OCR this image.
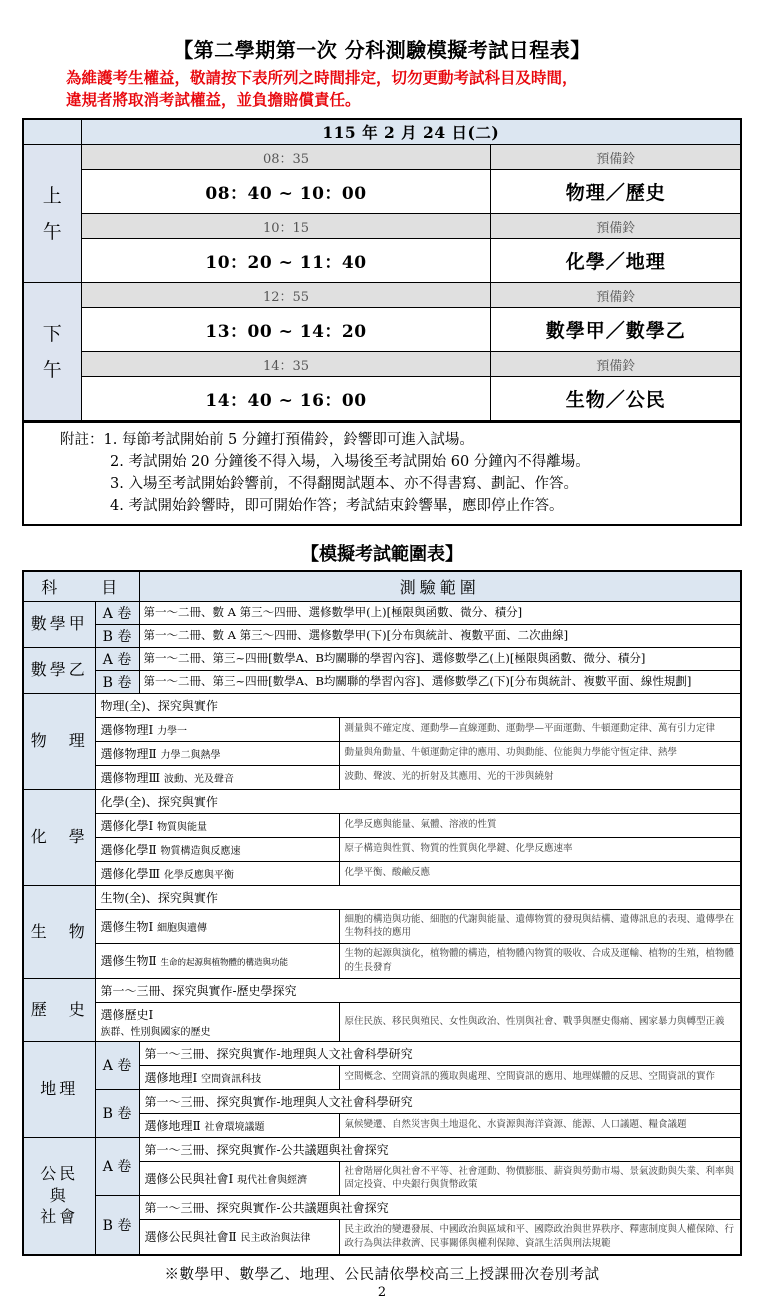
【第二學期第一次 分科測驗模擬考試日程表】
為維護考生權益，敬請按下表所列之時間排定，切勿更動考試科目及時間，
違規者將取消考試權益，並負擔賠償責任。
	115 年 2 月 24 日(二)	
上
午	08：35	預備鈴
	08：40 ~ 10：00	物理／歷史
	10：15	預備鈴
	10：20 ~ 11：40	化學／地理
下
午	12：55	預備鈴
	13：00 ~ 14：20	數學甲／數學乙
	14：35	預備鈴
	14：40 ~ 16：00	生物／公民
附註：1. 每節考試開始前 5 分鐘打預備鈴，鈴響即可進入試場。
2. 考試開始 20 分鐘後不得入場，入場後至考試開始 60 分鐘內不得離場。
3. 入場至考試開始鈴響前，不得翻閱試題本、亦不得書寫、劃記、作答。
4. 考試開始鈴響時，即可開始作答；考試結束鈴響畢，應即停止作答。
【模擬考試範圍表】
科　　目		測驗範圍	
數學甲	A 卷	第一～二冊、數 A 第三～四冊、選修數學甲(上)[極限與函數、微分、積分]	
	B 卷	第一～二冊、數 A 第三～四冊、選修數學甲(下)[分布與統計、複數平面、二次曲線]	
數學乙	A 卷	第一～二冊、第三~四冊[數學A、B均關聯的學習內容]、選修數學乙(上)[極限與函數、微分、積分]	
	B 卷	第一～二冊、第三~四冊[數學A、B均關聯的學習內容]、選修數學乙(下)[分布與統計、複數平面、線性規劃]	
物　理	物理(全)、探究與實作		
	選修物理Ⅰ 力學一		測量與不確定度、運動學—直線運動、運動學—平面運動、牛頓運動定律、萬有引力定律
	選修物理Ⅱ 力學二與熱學		動量與角動量、牛頓運動定律的應用、功與動能、位能與力學能守恆定律、熱學
	選修物理Ⅲ 波動、光及聲音		波動、聲波、光的折射及其應用、光的干涉與繞射
化　學	化學(全)、探究與實作		
	選修化學Ⅰ 物質與能量		化學反應與能量、氣體、溶液的性質
	選修化學Ⅱ 物質構造與反應速		原子構造與性質、物質的性質與化學鍵、化學反應速率
	選修化學Ⅲ 化學反應與平衡		化學平衡、酸鹼反應
生　物	生物(全)、探究與實作		
	選修生物Ⅰ 細胞與遺傳		細胞的構造與功能、細胞的代謝與能量、遺傳物質的發現與結構、遺傳訊息的表現、遺傳學在生物科技的應用
	選修生物Ⅱ 生命的起源與植物體的構造與功能		生物的起源與演化，植物體的構造，植物體內物質的吸收、合成及運輸、植物的生殖，植物體的生長發育
歷　史	第一～三冊、探究與實作-歷史學探究		
	選修歷史Ⅰ
族群、性別與國家的歷史		原住民族、移民與殖民、女性與政治、性別與社會、戰爭與歷史傷痛、國家暴力與轉型正義
地理	A 卷	第一～三冊、探究與實作-地理與人文社會科學研究	
		選修地理Ⅰ 空間資訊科技	空間概念、空間資訊的獲取與處理、空間資訊的應用、地理媒體的反思、空間資訊的實作
	B 卷	第一～三冊、探究與實作-地理與人文社會科學研究	
		選修地理Ⅱ 社會環境議題	氣候變遷、自然災害與土地退化、水資源與海洋資源、能源、人口議題、糧食議題
公民
與
社會	A 卷	第一～三冊、探究與實作-公共議題與社會探究	
		選修公民與社會Ⅰ 現代社會與經濟	社會階層化與社會不平等、社會運動、物價膨脹、薪資與勞動市場、景氣波動與失業、利率與固定投資、中央銀行與貨幣政策
	B 卷	第一～三冊、探究與實作-公共議題與社會探究	
		選修公民與社會Ⅱ 民主政治與法律	民主政治的變遷發展、中國政治與區域和平、國際政治與世界秩序、釋憲制度與人權保障、行政行為與法律救濟、民事關係與權利保障、資訊生活與刑法規範
※數學甲、數學乙、地理、公民請依學校高三上授課冊次卷別考試
2
